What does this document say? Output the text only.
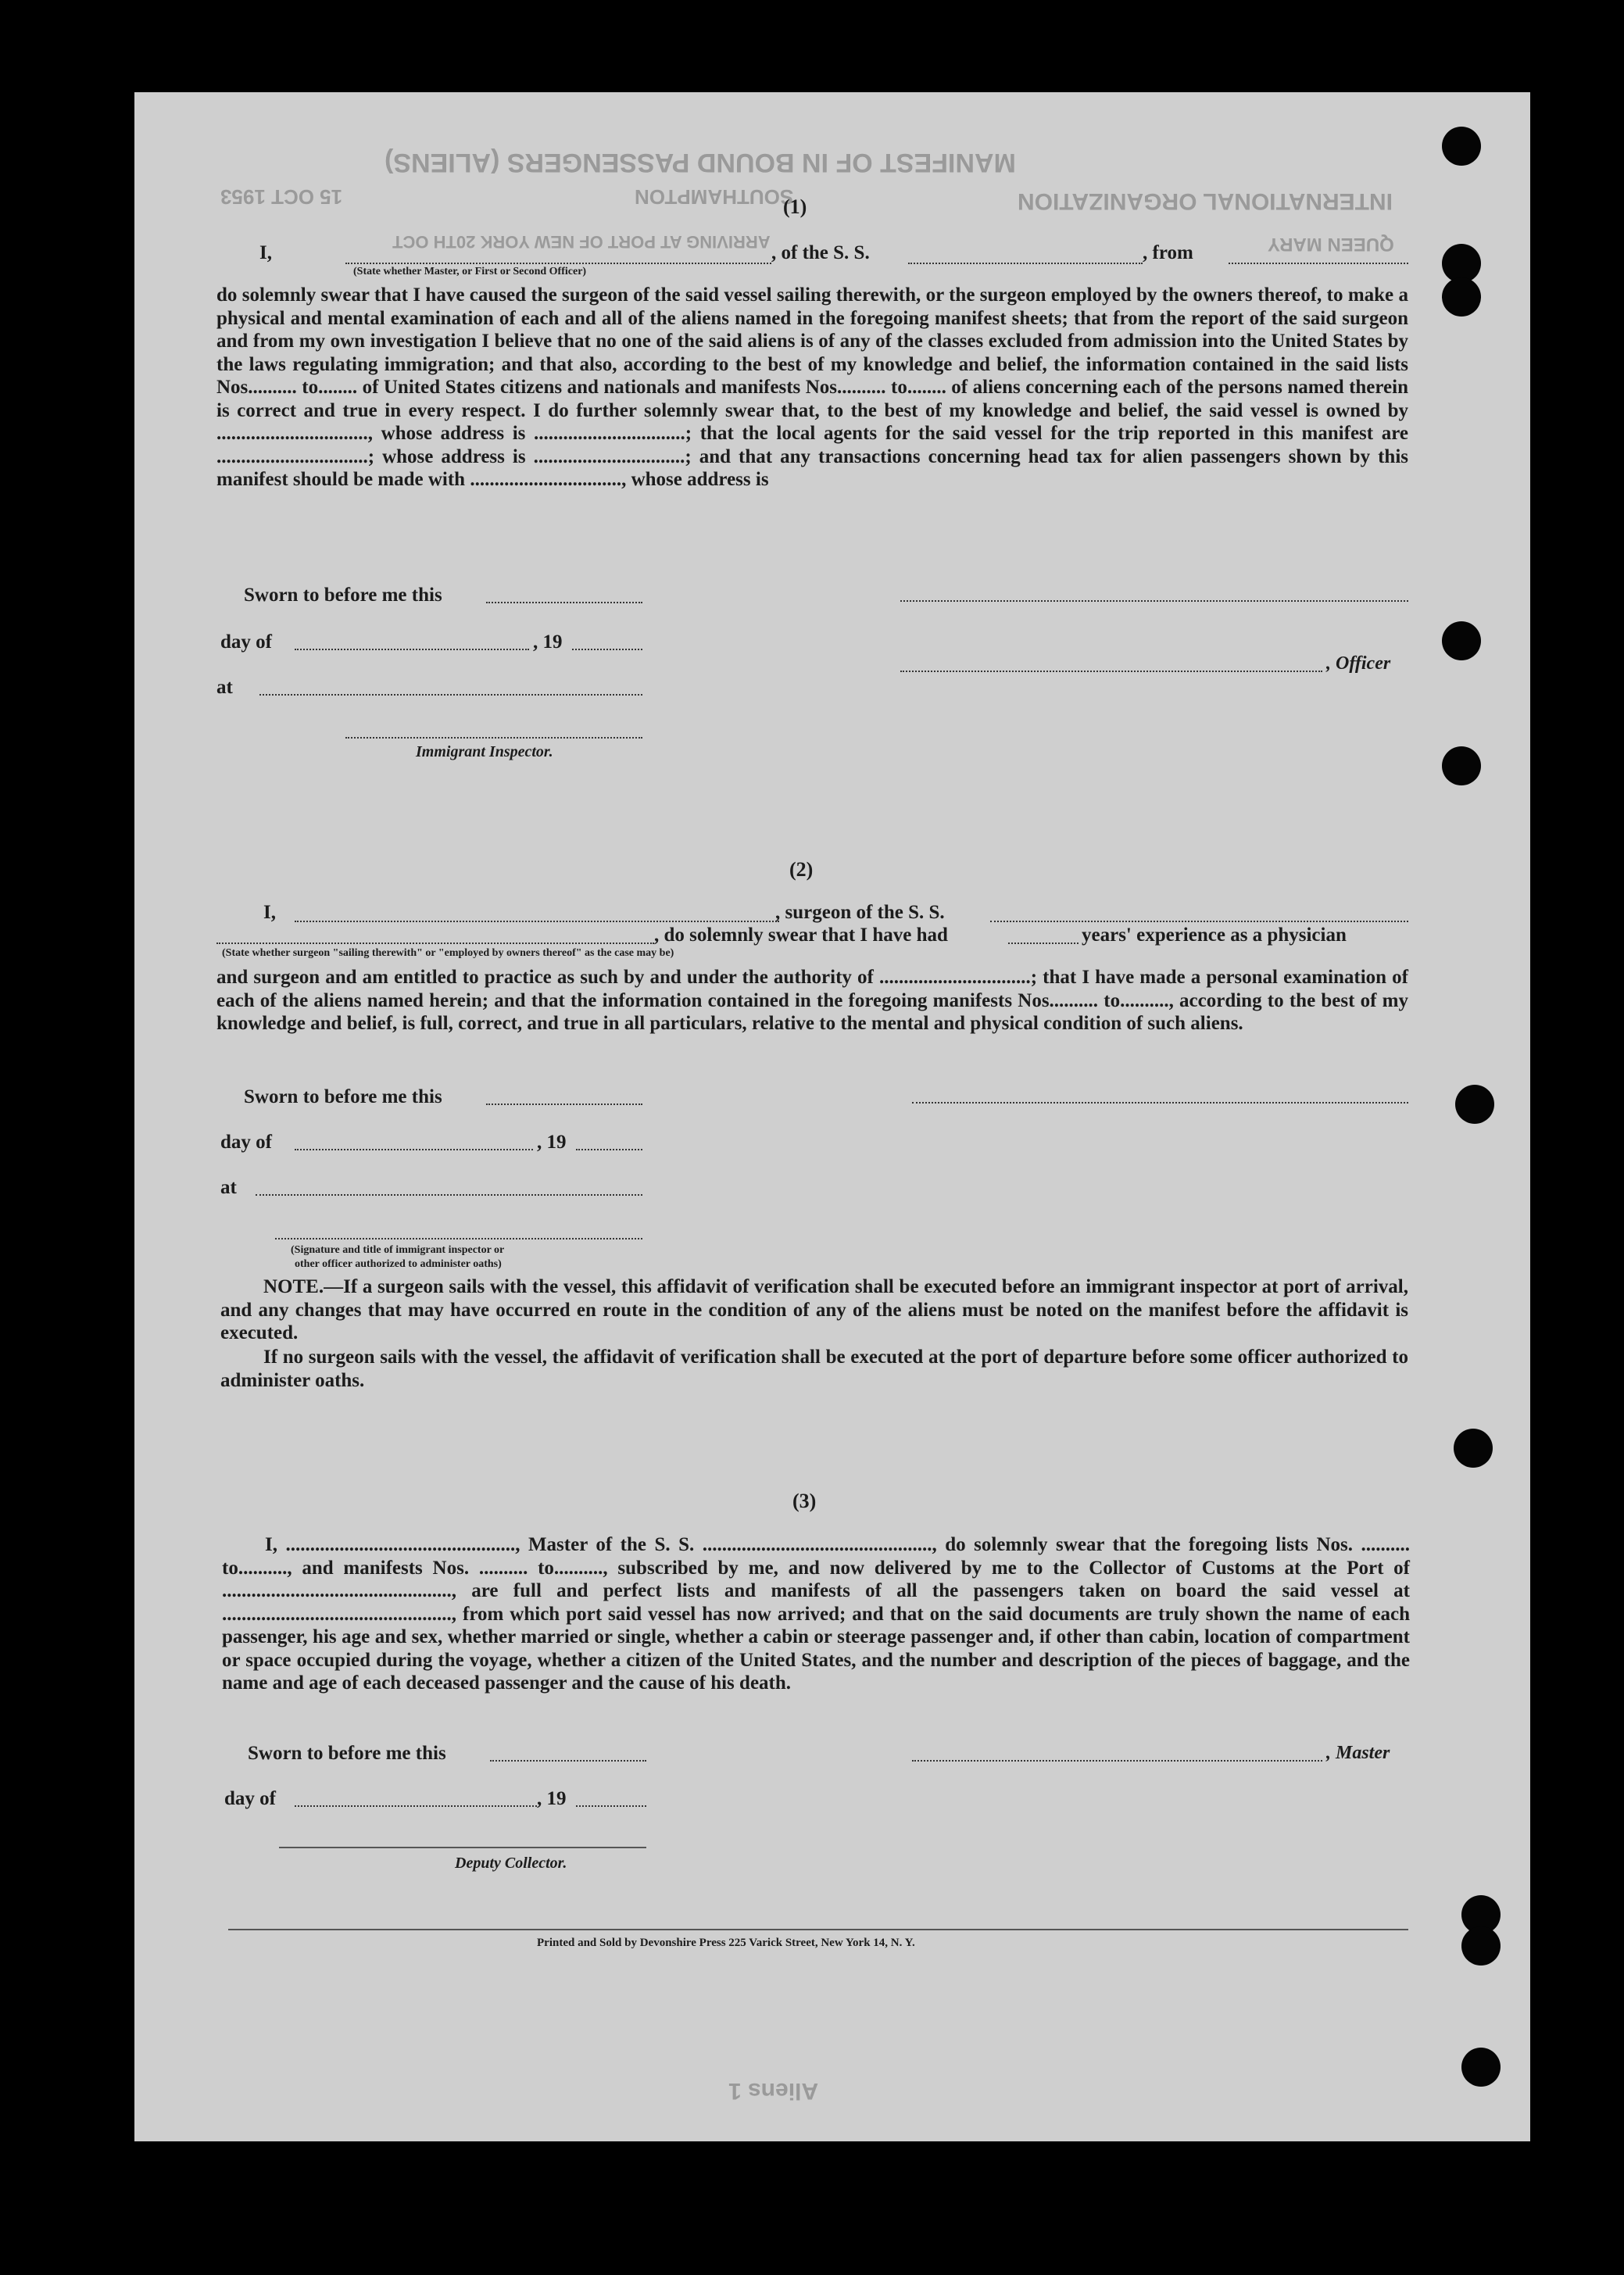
MANIFEST OF IN BOUND PASSENGERS (ALIENS)
15 OCT 1953	SOUTHAMPTON	INTERNATIONAL ORGANIZATION
ARRIVING AT PORT OF NEW YORK 20TH OCT	QUEEN MARY
Aliens 1
(1)
I,	, of the S. S.	, from
(State whether Master, or First or Second Officer)

do solemnly swear that I have caused the surgeon of the said vessel sailing therewith, or the surgeon employed by the owners thereof, to make a physical and mental examination of each and all of the aliens named in the foregoing manifest sheets; that from the report of the said surgeon and from my own investigation I believe that no one of the said aliens is of any of the classes excluded from admission into the United States by the laws regulating immigration; and that also, according to the best of my knowledge and belief, the information contained in the said lists Nos.......... to........ of United States citizens and nationals and manifests Nos.......... to........ of aliens concerning each of the persons named therein is correct and true in every respect. I do further solemnly swear that, to the best of my knowledge and belief, the said vessel is owned by ..............................., whose address is ...............................; that the local agents for the said vessel for the trip reported in this manifest are ...............................; whose address is ...............................; and that any transactions concerning head tax for alien passengers shown by this manifest should be made with ..............................., whose address is

Sworn to before me this
day of	, 19
, Officer
at
Immigrant Inspector.
(2)
I,	, surgeon of the S. S.
, do solemnly swear that I have had	years' experience as a physician
(State whether surgeon "sailing therewith" or "employed by owners thereof" as the case may be)

and surgeon and am entitled to practice as such by and under the authority of ...............................; that I have made a personal examination of each of the aliens named herein; and that the information contained in the foregoing manifests Nos.......... to.........., according to the best of my knowledge and belief, is full, correct, and true in all particulars, relative to the mental and physical condition of such aliens.

Sworn to before me this
day of	, 19
at
(Signature and title of immigrant inspector or
other officer authorized to administer oaths)

NOTE.—If a surgeon sails with the vessel, this affidavit of verification shall be executed before an immigrant inspector at port of arrival, and any changes that may have occurred en route in the condition of any of the aliens must be noted on the manifest before the affidavit is executed.

If no surgeon sails with the vessel, the affidavit of verification shall be executed at the port of departure before some officer authorized to administer oaths.

(3)

I, ..............................................., Master of the S. S. ..............................................., do solemnly swear that the foregoing lists Nos. .......... to.........., and manifests Nos. .......... to.........., subscribed by me, and now delivered by me to the Collector of Customs at the Port of ..............................................., are full and perfect lists and manifests of all the passengers taken on board the said vessel at ..............................................., from which port said vessel has now arrived; and that on the said documents are truly shown the name of each passenger, his age and sex, whether married or single, whether a cabin or steerage passenger and, if other than cabin, location of compartment or space occupied during the voyage, whether a citizen of the United States, and the number and description of the pieces of baggage, and the name and age of each deceased passenger and the cause of his death.

Sworn to before me this	, Master
day of	, 19
Deputy Collector.
Printed and Sold by Devonshire Press 225 Varick Street, New York 14, N. Y.
